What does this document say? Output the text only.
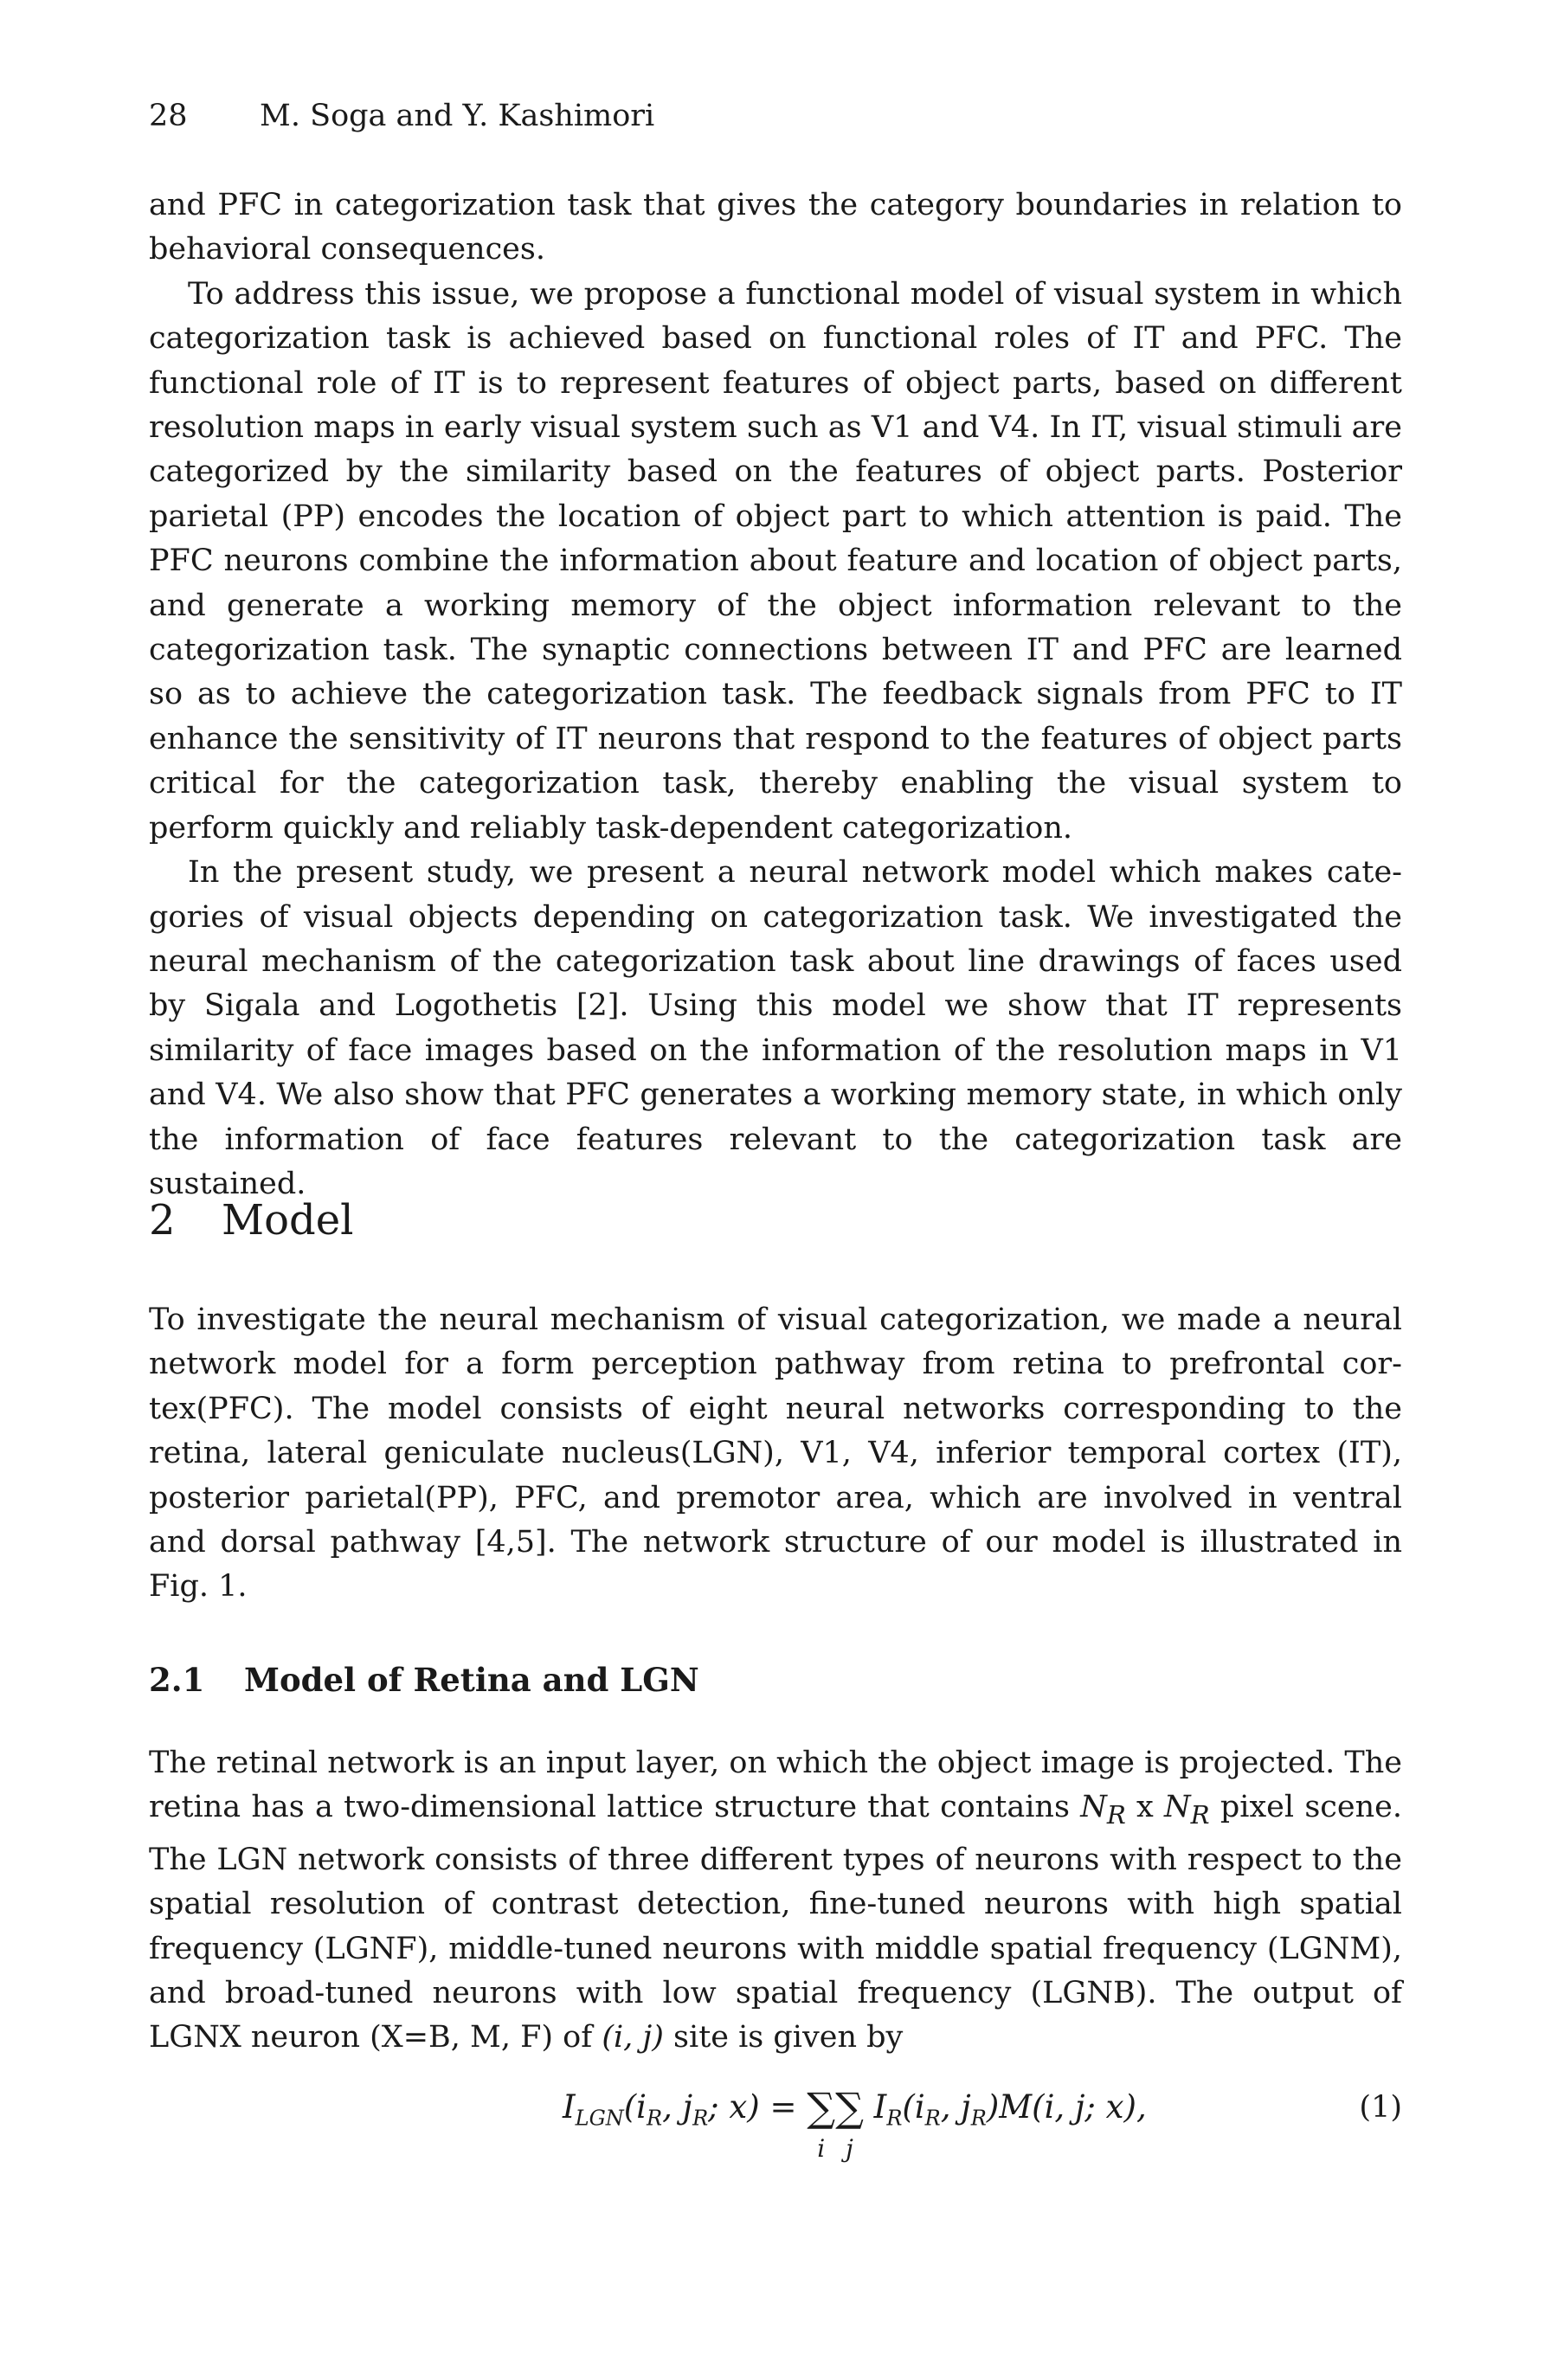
28 M. Soga and Y. Kashimori

and PFC in categorization task that gives the category boundaries in relation to behavioral consequences.

To address this issue, we propose a functional model of visual system in which categorization task is achieved based on functional roles of IT and PFC. The functional role of IT is to represent features of object parts, based on different resolution maps in early visual system such as V1 and V4. In IT, visual stimuli are categorized by the similarity based on the features of object parts. Posterior parietal (PP) encodes the location of object part to which attention is paid. The PFC neurons combine the information about feature and location of object parts, and generate a working memory of the object information relevant to the categorization task. The synaptic connections between IT and PFC are learned so as to achieve the categorization task. The feedback signals from PFC to IT enhance the sensitivity of IT neurons that respond to the features of object parts critical for the categorization task, thereby enabling the visual system to perform quickly and reliably task-dependent categorization.

In the present study, we present a neural network model which makes categories of visual objects depending on categorization task. We investigated the neural mechanism of the categorization task about line drawings of faces used by Sigala and Logothetis [2]. Using this model we show that IT represents similarity of face images based on the information of the resolution maps in V1 and V4. We also show that PFC generates a working memory state, in which only the information of face features relevant to the categorization task are sustained.

2 Model

To investigate the neural mechanism of visual categorization, we made a neural network model for a form perception pathway from retina to prefrontal cortex(PFC). The model consists of eight neural networks corresponding to the retina, lateral geniculate nucleus(LGN), V1, V4, inferior temporal cortex (IT), posterior parietal(PP), PFC, and premotor area, which are involved in ventral and dorsal pathway [4,5]. The network structure of our model is illustrated in Fig. 1.

2.1 Model of Retina and LGN

The retinal network is an input layer, on which the object image is projected. The retina has a two-dimensional lattice structure that contains $N_R$ x $N_R$ pixel scene. The LGN network consists of three different types of neurons with respect to the spatial resolution of contrast detection, fine-tuned neurons with high spatial frequency (LGNF), middle-tuned neurons with middle spatial frequency (LGNM), and broad-tuned neurons with low spatial frequency (LGNB). The output of LGNX neuron (X=B, M, F) of (i, j) site is given by

$I_{LGN}(i_R$, $j_R$; x) = ∑
i
∑
j
$I_R(i_R$, $j_R)M(i$, j; x),	(1)
